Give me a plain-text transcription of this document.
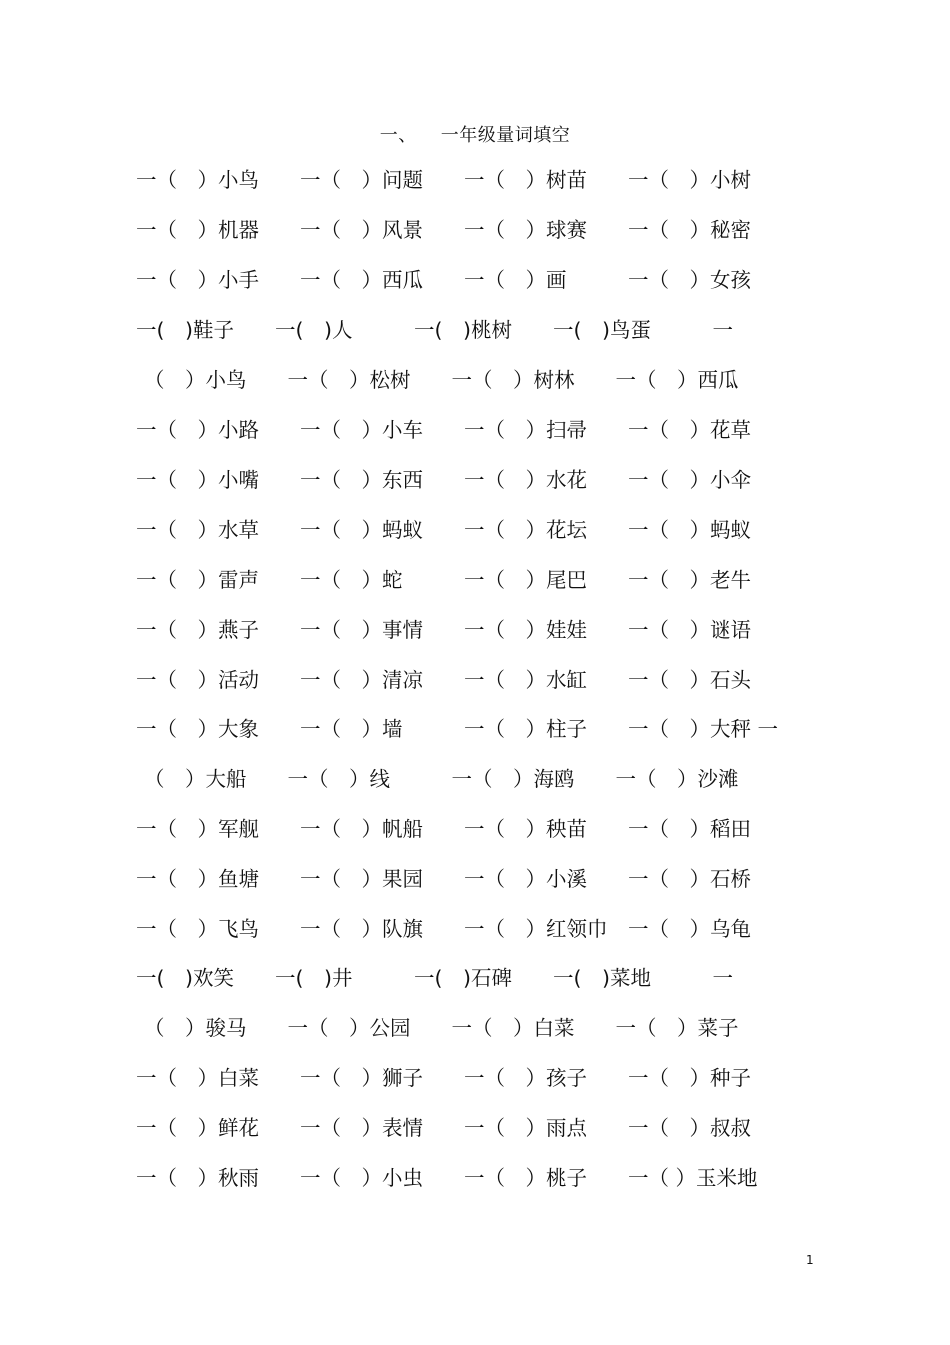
一、 一年级量词填空
一（　）小鸟　　一（　）问题　　一（　）树苗　　一（　）小树
一（　）机器　　一（　）风景　　一（　）球赛　　一（　）秘密
一（　）小手　　一（　）西瓜　　一（　）画　　　一（　）女孩
一(　)鞋子　　一(　)人　　　一(　)桃树　　一(　)鸟蛋　　　一
（　）小鸟　　一（　）松树　　一（　）树林　　一（　）西瓜
一（　）小路　　一（　）小车　　一（　）扫帚　　一（　）花草
一（　）小嘴　　一（　）东西　　一（　）水花　　一（　）小伞
一（　）水草　　一（　）蚂蚁　　一（　）花坛　　一（　）蚂蚁
一（　）雷声　　一（　）蛇　　　一（　）尾巴　　一（　）老牛
一（　）燕子　　一（　）事情　　一（　）娃娃　　一（　）谜语
一（　）活动　　一（　）清凉　　一（　）水缸　　一（　）石头
一（　）大象　　一（　）墙　　　一（　）柱子　　一（　）大秤 一
（　）大船　　一（　）线　　　一（　）海鸥　　一（　）沙滩
一（　）军舰　　一（　）帆船　　一（　）秧苗　　一（　）稻田
一（　）鱼塘　　一（　）果园　　一（　）小溪　　一（　）石桥
一（　）飞鸟　　一（　）队旗　　一（　）红领巾　一（　）乌龟
一(　)欢笑　　一(　)井　　　一(　)石碑　　一(　)菜地　　　一
（　）骏马　　一（　）公园　　一（　）白菜　　一（　）菜子
一（　）白菜　　一（　）狮子　　一（　）孩子　　一（　）种子
一（　）鲜花　　一（　）表情　　一（　）雨点　　一（　）叔叔
一（　）秋雨　　一（　）小虫　　一（　）桃子　　一（ ）玉米地
1
